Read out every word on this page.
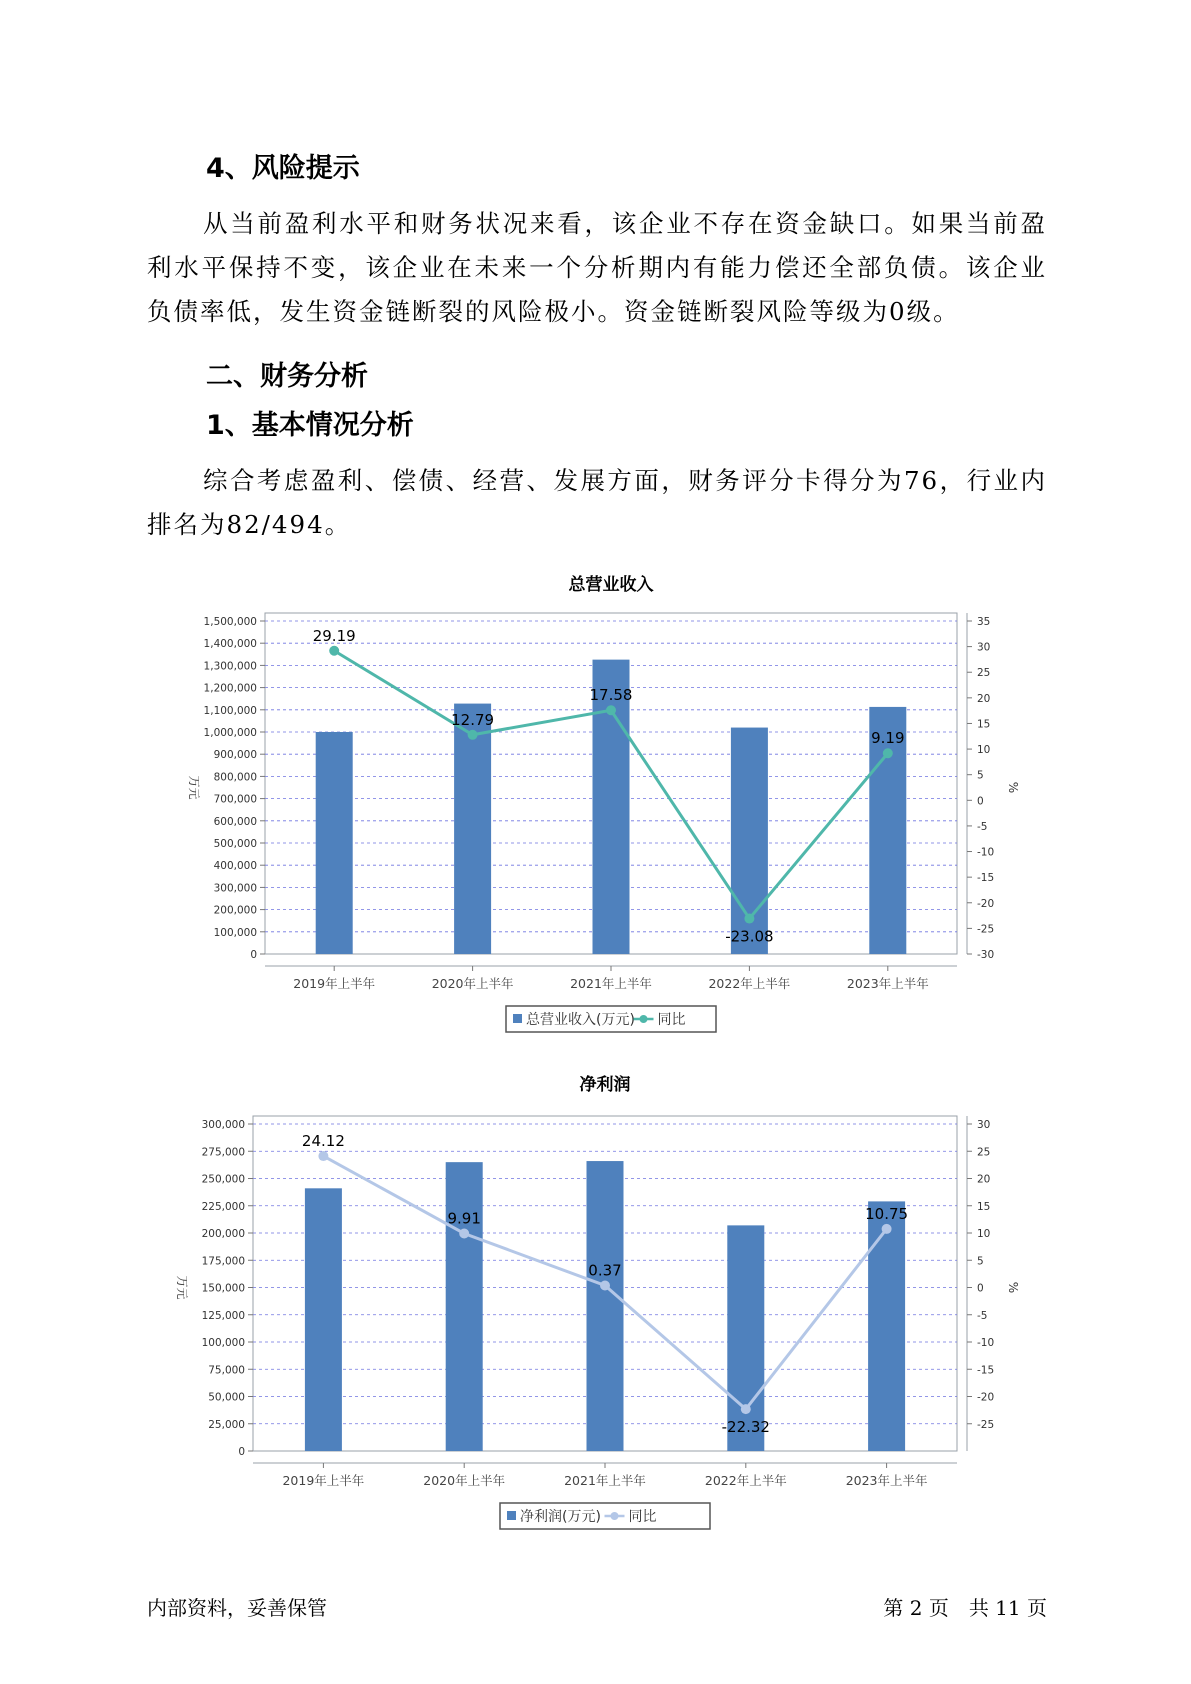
4、风险提示

从当前盈利水平和财务状况来看，该企业不存在资金缺口。如果当前盈利水平保持不变，该企业在未来一个分析期内有能力偿还全部负债。该企业负债率低，发生资金链断裂的风险极小。资金链断裂风险等级为0级。

二、财务分析
1、基本情况分析

综合考虑盈利、偿债、经营、发展方面，财务评分卡得分为76，行业内排名为82/494。

总营业收入
0
100,000
200,000
300,000
400,000
500,000
600,000
700,000
800,000
900,000
1,000,000
1,100,000
1,200,000
1,300,000
1,400,000
1,500,000
-30
-25
-20
-15
-10
-5
0
5
10
15
20
25
30
35
万元	%
2019年上半年	2020年上半年	2021年上半年	2022年上半年	2023年上半年
29.19
12.79
17.58
-23.08
9.19
总营业收入(万元) 同比
净利润
0
25,000
50,000
75,000
100,000
125,000
150,000
175,000
200,000
225,000
250,000
275,000
300,000
-25
-20
-15
-10
-5
0
5
10
15
20
25
30
万元	%
2019年上半年	2020年上半年	2021年上半年	2022年上半年	2023年上半年
24.12
9.91
0.37
-22.32
10.75
净利润(万元) 同比
内部资料，妥善保管	第 2 页　共 11 页
